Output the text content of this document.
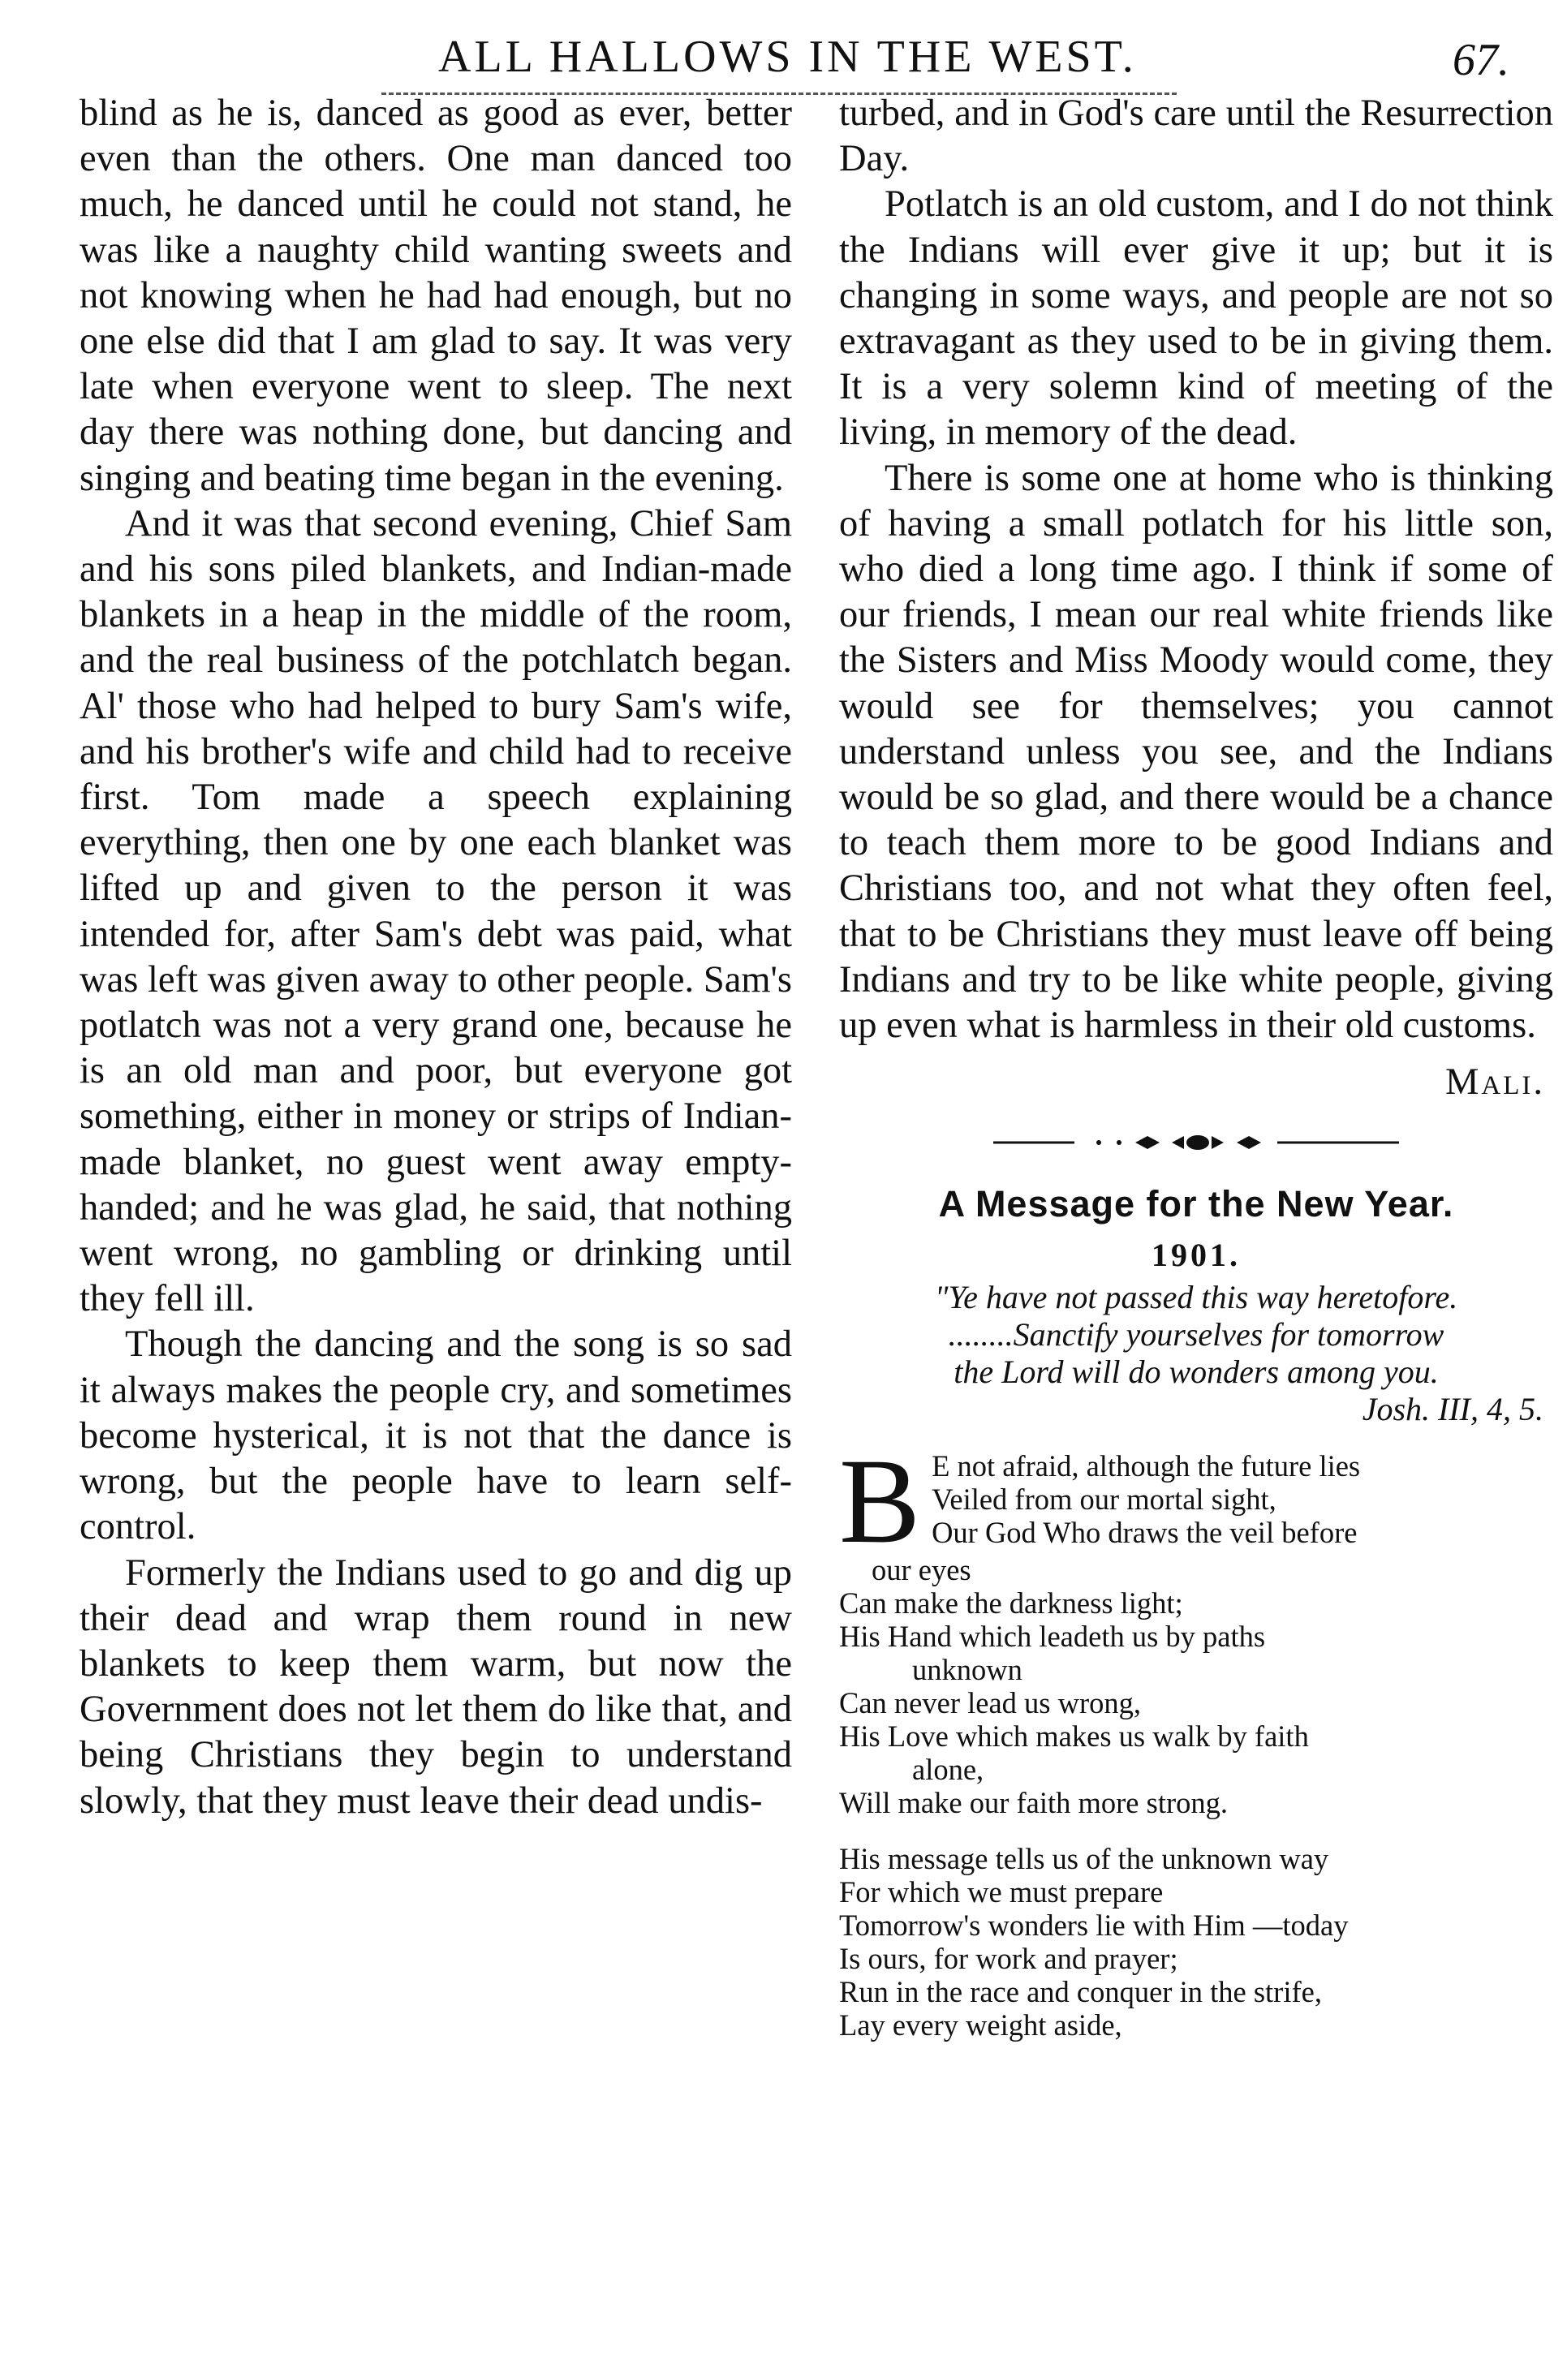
ALL HALLOWS IN THE WEST.	67.

blind as he is, danced as good as ever, better even than the others. One man danced too much, he danced until he could not stand, he was like a naughty child wanting sweets and not knowing when he had had enough, but no one else did that I am glad to say. It was very late when everyone went to sleep. The next day there was nothing done, but dancing and singing and beating time began in the evening.

And it was that second evening, Chief Sam and his sons piled blankets, and Indian-made blankets in a heap in the middle of the room, and the real business of the potchlatch began. Al' those who had helped to bury Sam's wife, and his brother's wife and child had to receive first. Tom made a speech explaining everything, then one by one each blanket was lifted up and given to the person it was intended for, after Sam's debt was paid, what was left was given away to other people. Sam's potlatch was not a very grand one, because he is an old man and poor, but everyone got something, either in money or strips of Indian-made blanket, no guest went away empty-handed; and he was glad, he said, that nothing went wrong, no gambling or drinking until they fell ill.

Though the dancing and the song is so sad it always makes the people cry, and sometimes become hysterical, it is not that the dance is wrong, but the people have to learn self-control.

Formerly the Indians used to go and dig up their dead and wrap them round in new blankets to keep them warm, but now the Government does not let them do like that, and being Christians they begin to understand slowly, that they must leave their dead undis-

turbed, and in God's care until the Resurrection Day.

Potlatch is an old custom, and I do not think the Indians will ever give it up; but it is changing in some ways, and people are not so extravagant as they used to be in giving them. It is a very solemn kind of meeting of the living, in memory of the dead.

There is some one at home who is thinking of having a small potlatch for his little son, who died a long time ago. I think if some of our friends, I mean our real white friends like the Sisters and Miss Moody would come, they would see for themselves; you cannot understand unless you see, and the Indians would be so glad, and there would be a chance to teach them more to be good Indians and Christians too, and not what they often feel, that to be Christians they must leave off being Indians and try to be like white people, giving up even what is harmless in their old customs.

Mali.
A Message for the New Year.
1901.

"Ye have not passed this way heretofore.

........Sanctify yourselves for tomorrow

the Lord will do wonders among you.

Josh. III, 4, 5.

B E not afraid, although the future lies

Veiled from our mortal sight,

Our God Who draws the veil before

our eyes

Can make the darkness light;

His Hand which leadeth us by paths

unknown

Can never lead us wrong,

His Love which makes us walk by faith

alone,

Will make our faith more strong.

His message tells us of the unknown way

For which we must prepare

Tomorrow's wonders lie with Him —today

Is ours, for work and prayer;

Run in the race and conquer in the strife,

Lay every weight aside,
